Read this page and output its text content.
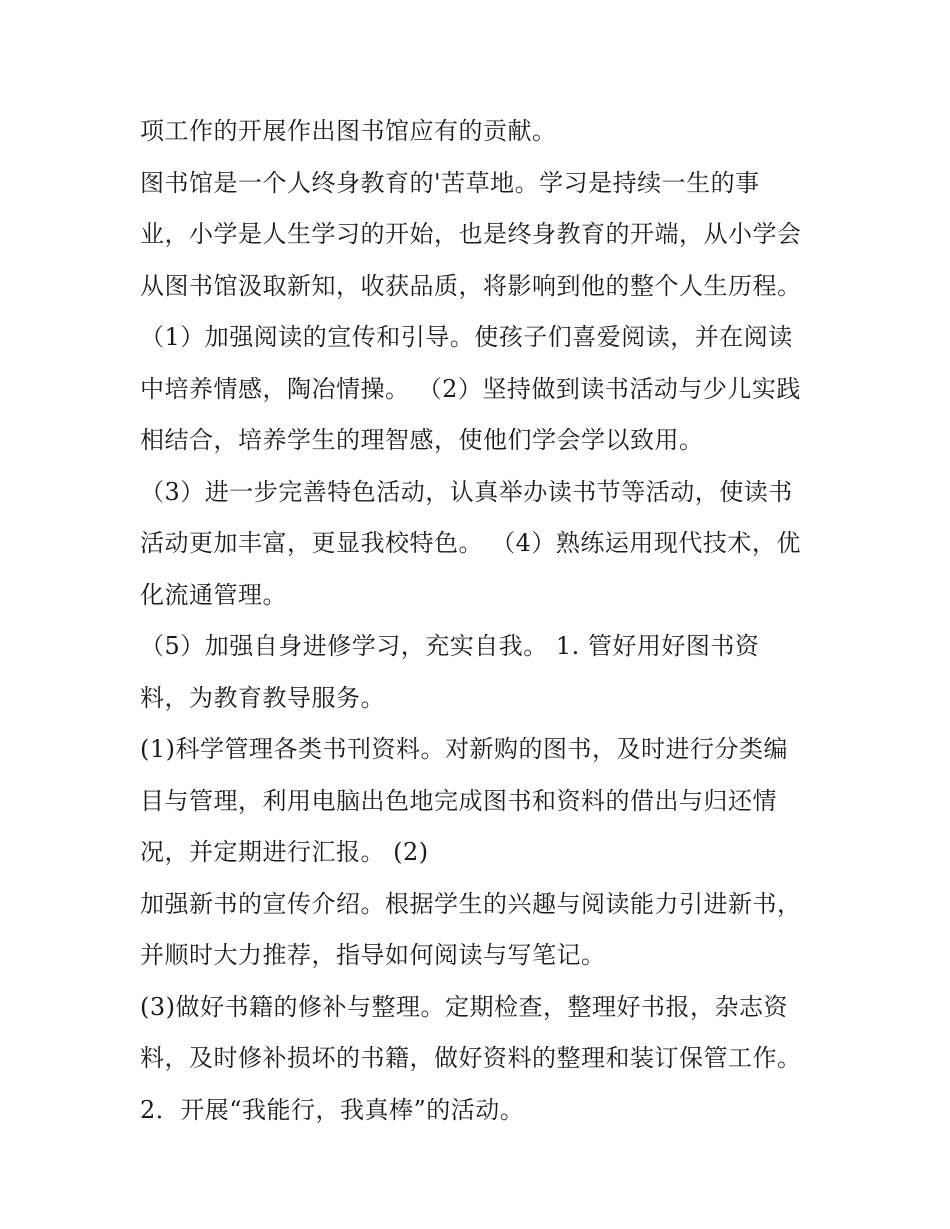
项工作的开展作出图书馆应有的贡献。
图书馆是一个人终身教育的'苦草地。学习是持续一生的事
业，小学是人生学习的开始，也是终身教育的开端，从小学会
从图书馆汲取新知，收获品质，将影响到他的整个人生历程。
（1）加强阅读的宣传和引导。使孩子们喜爱阅读，并在阅读
中培养情感，陶冶情操。 （2）坚持做到读书活动与少儿实践
相结合，培养学生的理智感，使他们学会学以致用。
（3）进一步完善特色活动，认真举办读书节等活动，使读书
活动更加丰富，更显我校特色。 （4）熟练运用现代技术，优
化流通管理。
（5）加强自身进修学习，充实自我。 1. 管好用好图书资
料，为教育教导服务。
(1)科学管理各类书刊资料。对新购的图书，及时进行分类编
目与管理，利用电脑出色地完成图书和资料的借出与归还情
况，并定期进行汇报。 (2)
加强新书的宣传介绍。根据学生的兴趣与阅读能力引进新书，
并顺时大力推荐，指导如何阅读与写笔记。
(3)做好书籍的修补与整理。定期检查，整理好书报，杂志资
料，及时修补损坏的书籍，做好资料的整理和装订保管工作。
2．开展“我能行，我真棒”的活动。
